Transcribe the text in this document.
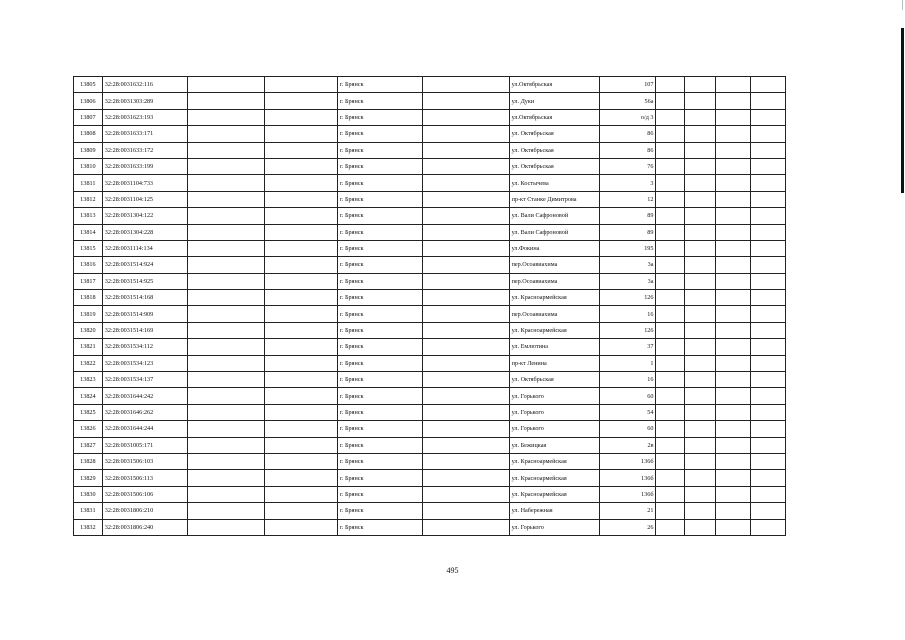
13805	32:28:0031632:116			г. Брянск		ул.Октябрьская	107				
13806	32:28:0031303:289			г. Брянск		ул. Дуки	56а				
13807	32:28:0031623:193			г. Брянск		ул.Октябрьская	о/д 3				
13808	32:28:0031633:171			г. Брянск		ул. Октябрьская	86				
13809	32:28:0031633:172			г. Брянск		ул. Октябрьская	86				
13810	32:28:0031633:199			г. Брянск		ул. Октябрьская	76				
13811	32:28:0031104:733			г. Брянск		ул. Костычева	3				
13812	32:28:0031104:125			г. Брянск		пр-кт Станке Димитрова	12				
13813	32:28:0031304:122			г. Брянск		ул. Вали Сафроновой	89				
13814	32:28:0031304:228			г. Брянск		ул. Вали Сафроновой	89				
13815	32:28:0031114:134			г. Брянск		ул.Фокина	195				
13816	32:28:0031514:924			г. Брянск		пер.Осоавиахима	3а				
13817	32:28:0031514:925			г. Брянск		пер.Осоавиахима	3а				
13818	32:28:0031514:168			г. Брянск		ул. Красноармейская	126				
13819	32:28:0031514:909			г. Брянск		пер.Осоавиахима	16				
13820	32:28:0031514:169			г. Брянск		ул. Красноармейская	126				
13821	32:28:0031534:112			г. Брянск		ул. Емлютина	37				
13822	32:28:0031534:123			г. Брянск		пр-кт Ленина	1				
13823	32:28:0031534:137			г. Брянск		ул. Октябрьская	16				
13824	32:28:0031644:242			г. Брянск		ул. Горького	60				
13825	32:28:0031646:262			г. Брянск		ул. Горького	54				
13826	32:28:0031644:244			г. Брянск		ул. Горького	60				
13827	32:28:0031005:171			г. Брянск		ул. Бежицкая	2в				
13828	32:28:0031506:103			г. Брянск		ул. Красноармейская	136б				
13829	32:28:0031506:113			г. Брянск		ул. Красноармейская	136б				
13830	32:28:0031506:106			г. Брянск		ул. Красноармейская	136б				
13831	32:28:0031806:210			г. Брянск		ул. Набережная	21				
13832	32:28:0031806:240			г. Брянск		ул. Горького	26				
495
